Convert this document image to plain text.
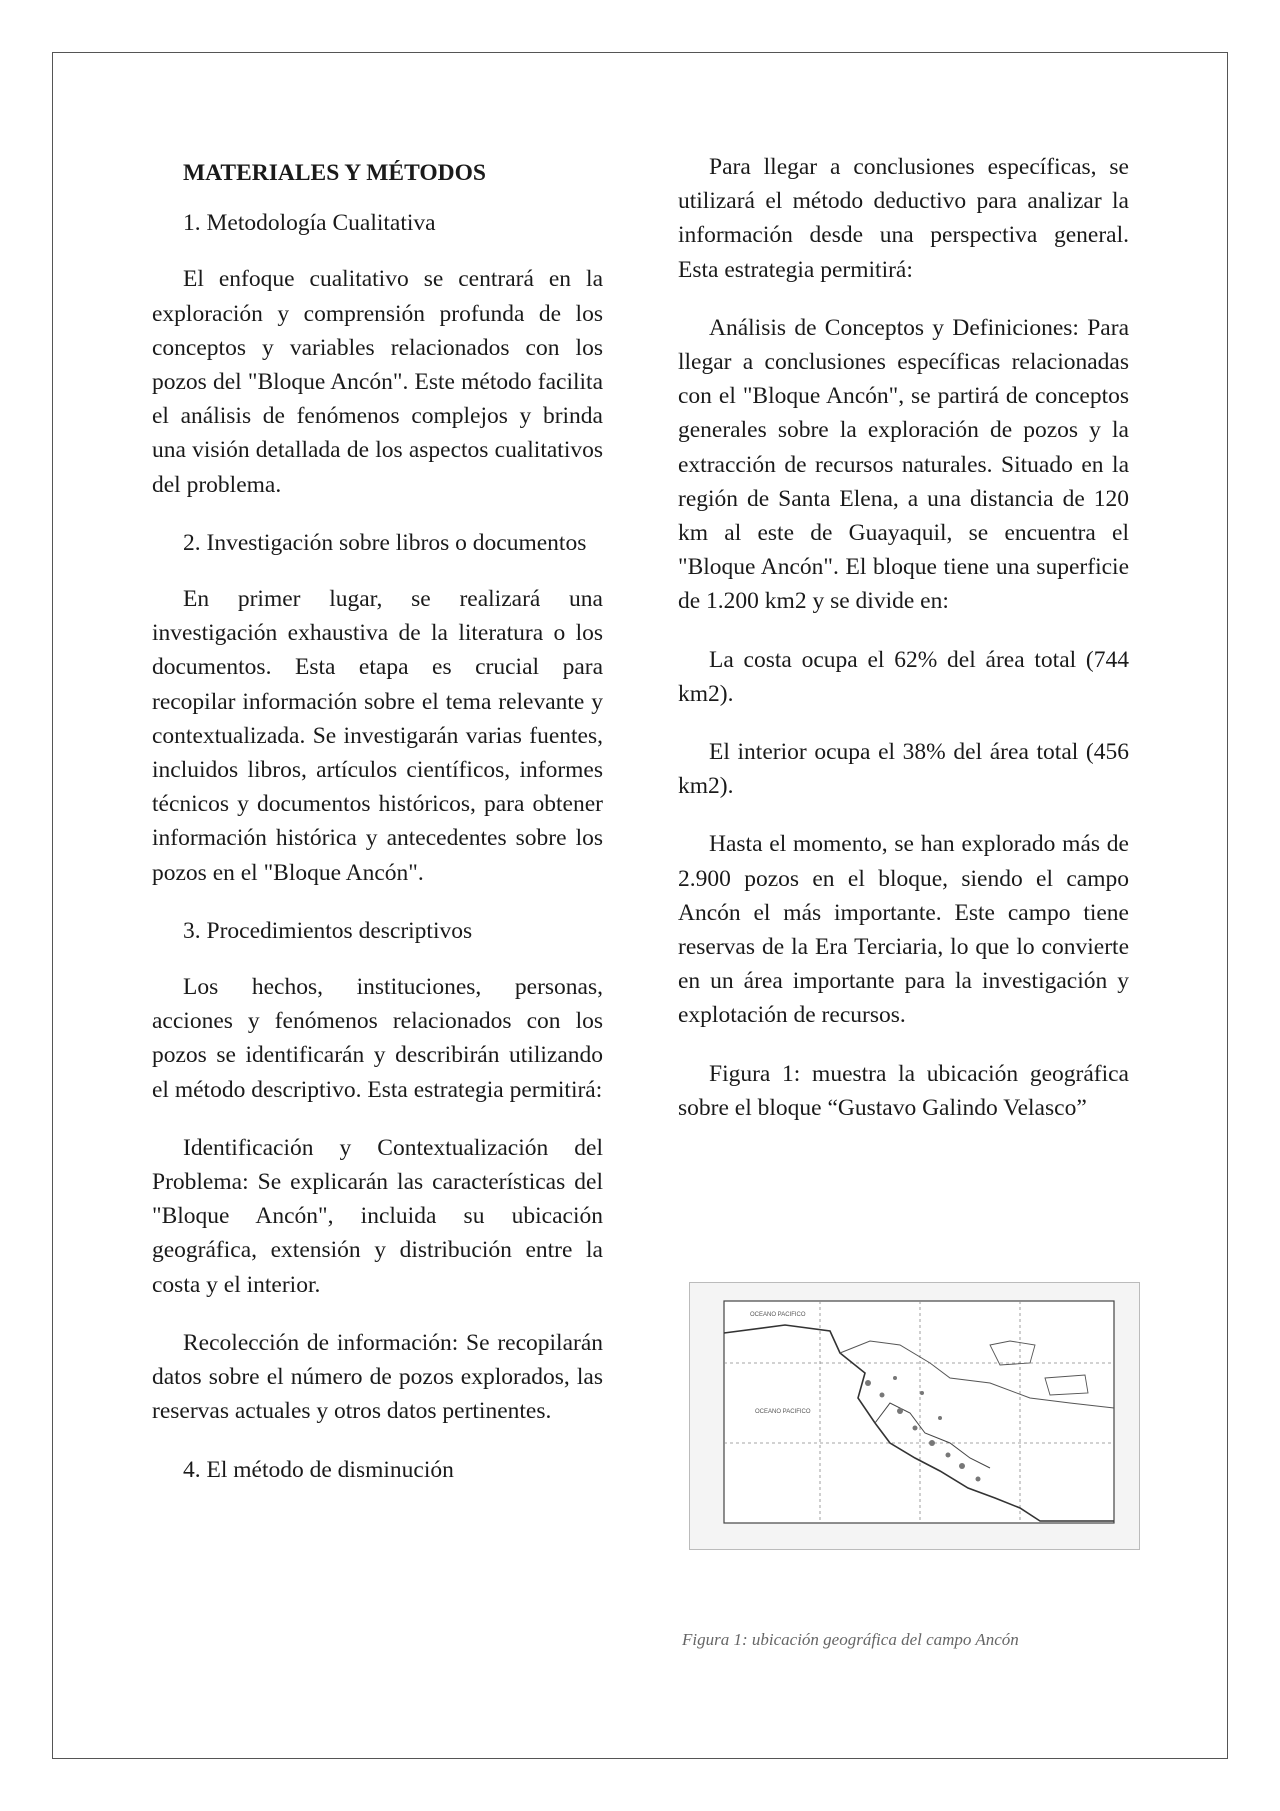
MATERIALES Y MÉTODOS
1. Metodología Cualitativa

El enfoque cualitativo se centrará en la exploración y comprensión profunda de los conceptos y variables relacionados con los pozos del "Bloque Ancón". Este método facilita el análisis de fenómenos complejos y brinda una visión detallada de los aspectos cualitativos del problema.

2. Investigación sobre libros o documentos

En primer lugar, se realizará una investigación exhaustiva de la literatura o los documentos. Esta etapa es crucial para recopilar información sobre el tema relevante y contextualizada. Se investigarán varias fuentes, incluidos libros, artículos científicos, informes técnicos y documentos históricos, para obtener información histórica y antecedentes sobre los pozos en el "Bloque Ancón".

3. Procedimientos descriptivos

Los hechos, instituciones, personas, acciones y fenómenos relacionados con los pozos se identificarán y describirán utilizando el método descriptivo. Esta estrategia permitirá:

Identificación y Contextualización del Problema: Se explicarán las características del "Bloque Ancón", incluida su ubicación geográfica, extensión y distribución entre la costa y el interior.

Recolección de información: Se recopilarán datos sobre el número de pozos explorados, las reservas actuales y otros datos pertinentes.

4. El método de disminución

Para llegar a conclusiones específicas, se utilizará el método deductivo para analizar la información desde una perspectiva general. Esta estrategia permitirá:

Análisis de Conceptos y Definiciones: Para llegar a conclusiones específicas relacionadas con el "Bloque Ancón", se partirá de conceptos generales sobre la exploración de pozos y la extracción de recursos naturales. Situado en la región de Santa Elena, a una distancia de 120 km al este de Guayaquil, se encuentra el "Bloque Ancón". El bloque tiene una superficie de 1.200 km2 y se divide en:

La costa ocupa el 62% del área total (744 km2).

El interior ocupa el 38% del área total (456 km2).

Hasta el momento, se han explorado más de 2.900 pozos en el bloque, siendo el campo Ancón el más importante. Este campo tiene reservas de la Era Terciaria, lo que lo convierte en un área importante para la investigación y explotación de recursos.

Figura 1: muestra la ubicación geográfica sobre el bloque “Gustavo Galindo Velasco”

OCEANO PACIFICO
OCEANO PACIFICO
Figura 1: ubicación geográfica del campo Ancón
